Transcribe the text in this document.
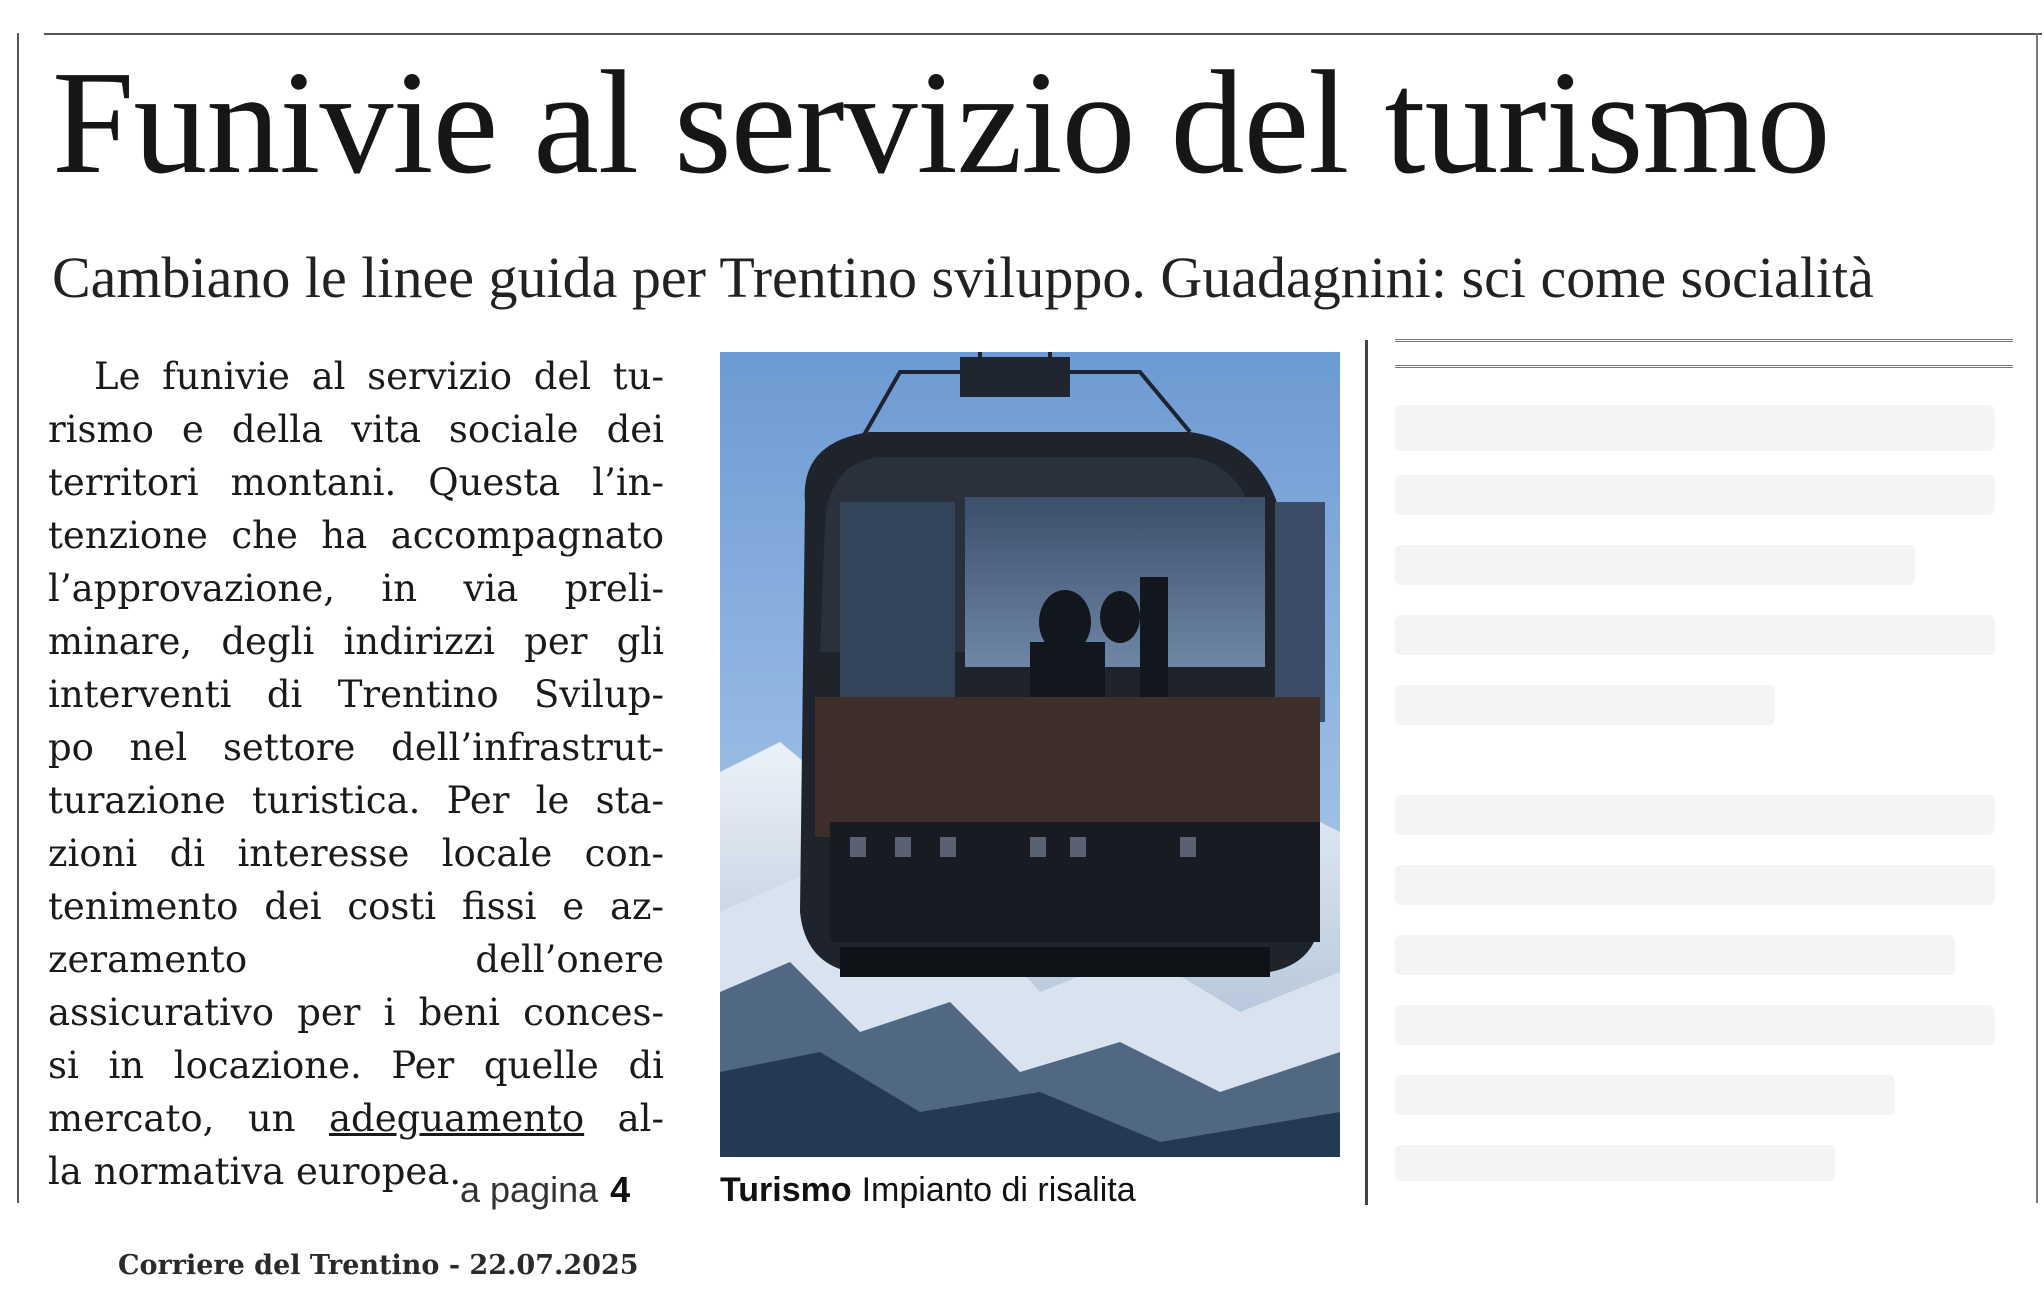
Funivie al servizio del turismo
Cambiano le linee guida per Trentino sviluppo. Guadagnini: sci come socialità
Le funivie al servizio del tu-
rismo e della vita sociale dei
territori montani. Questa l’in-
tenzione che ha accompagnato
l’approvazione, in via preli-
minare, degli indirizzi per gli
interventi di Trentino Svilup-
po nel settore dell’infrastrut-
turazione turistica. Per le sta-
zioni di interesse locale con-
tenimento dei costi fissi e az-
zeramento dell’onere
assicurativo per i beni conces-
si in locazione. Per quelle di
mercato, un adeguamento al-
la normativa europea.
a pagina 4	Turismo Impianto di risalita
Corriere del Trentino - 22.07.2025
